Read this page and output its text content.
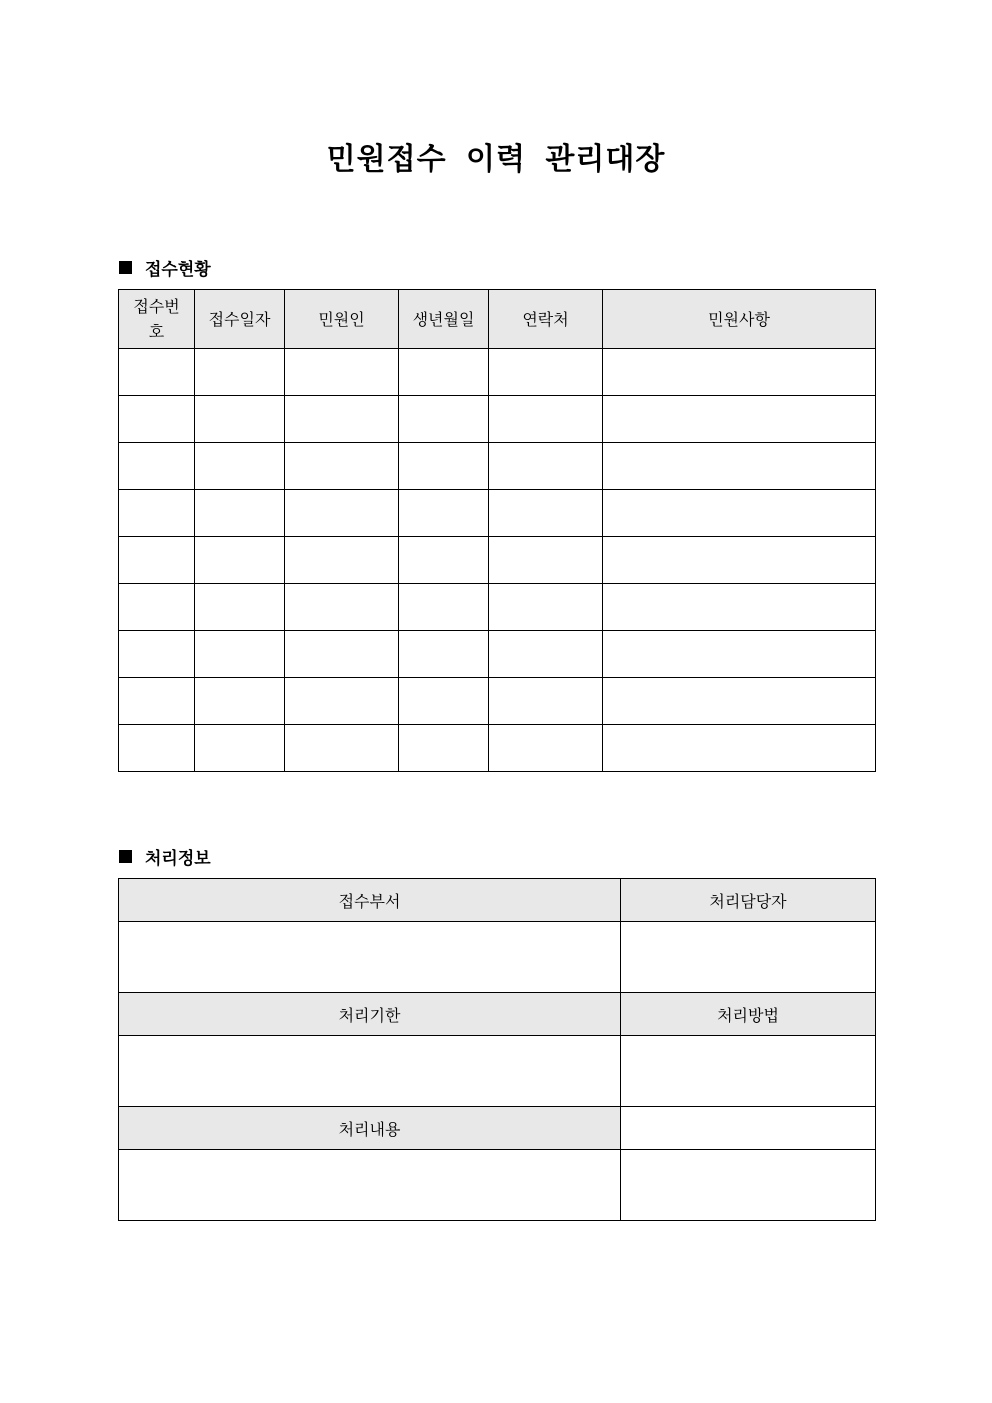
민원접수 이력 관리대장
접수현황
접수번호	접수일자	민원인	생년월일	연락처	민원사항

처리정보
접수부서	처리담당자

처리기한	처리방법

처리내용	
